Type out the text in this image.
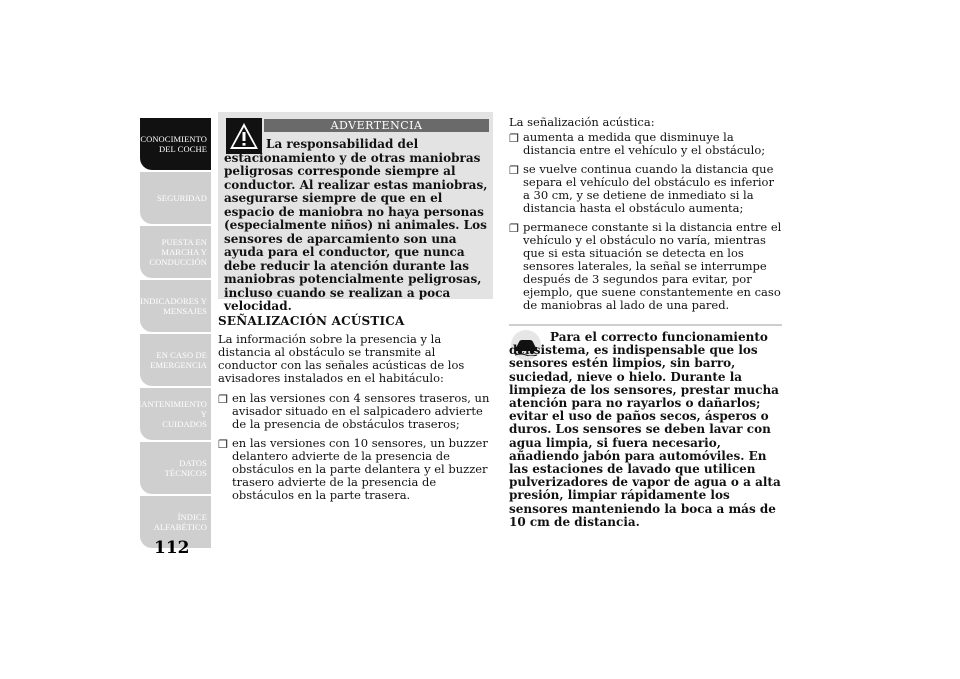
CONOCIMIENTO
DEL COCHE
SEGURIDAD
PUESTA EN
MARCHA Y
CONDUCCIÓN
INDICADORES Y
MENSAJES
EN CASO DE
EMERGENCIA
MANTENIMIENTO Y
CUIDADOS
DATOS TÉCNICOS
ÍNDICE
ALFABÉTICO
112
ADVERTENCIA
La responsabilidad del estacionamiento y de otras maniobras peligrosas corresponde siempre al conductor. Al realizar estas maniobras, asegurarse siempre de que en el espacio de maniobra no haya personas (especialmente niños) ni animales. Los sensores de aparcamiento son una ayuda para el conductor, que nunca debe reducir la atención durante las maniobras potencialmente peligrosas, incluso cuando se realizan a poca velocidad.
SEÑALIZACIÓN ACÚSTICA
La información sobre la presencia y la distancia al obstáculo se transmite al conductor con las señales acústicas de los avisadores instalados en el habitáculo:
❐ en las versiones con 4 sensores traseros, un avisador situado en el salpicadero advierte de la presencia de obstáculos traseros;
❐ en las versiones con 10 sensores, un buzzer delantero advierte de la presencia de obstáculos en la parte delantera y el buzzer trasero advierte de la presencia de obstáculos en la parte trasera.
La señalización acústica:
❐ aumenta a medida que disminuye la distancia entre el vehículo y el obstáculo;
❐ se vuelve continua cuando la distancia que separa el vehículo del obstáculo es inferior a 30 cm, y se detiene de inmediato si la distancia hasta el obstáculo aumenta;
❐ permanece constante si la distancia entre el vehículo y el obstáculo no varía, mientras que si esta situación se detecta en los sensores laterales, la señal se interrumpe después de 3 segundos para evitar, por ejemplo, que suene constantemente en caso de maniobras al lado de una pared.
Para el correcto funcionamiento del sistema, es indispensable que los sensores estén limpios, sin barro, suciedad, nieve o hielo. Durante la limpieza de los sensores, prestar mucha atención para no rayarlos o dañarlos; evitar el uso de paños secos, ásperos o duros. Los sensores se deben lavar con agua limpia, si fuera necesario, añadiendo jabón para automóviles. En las estaciones de lavado que utilicen pulverizadores de vapor de agua o a alta presión, limpiar rápidamente los sensores manteniendo la boca a más de 10 cm de distancia.
